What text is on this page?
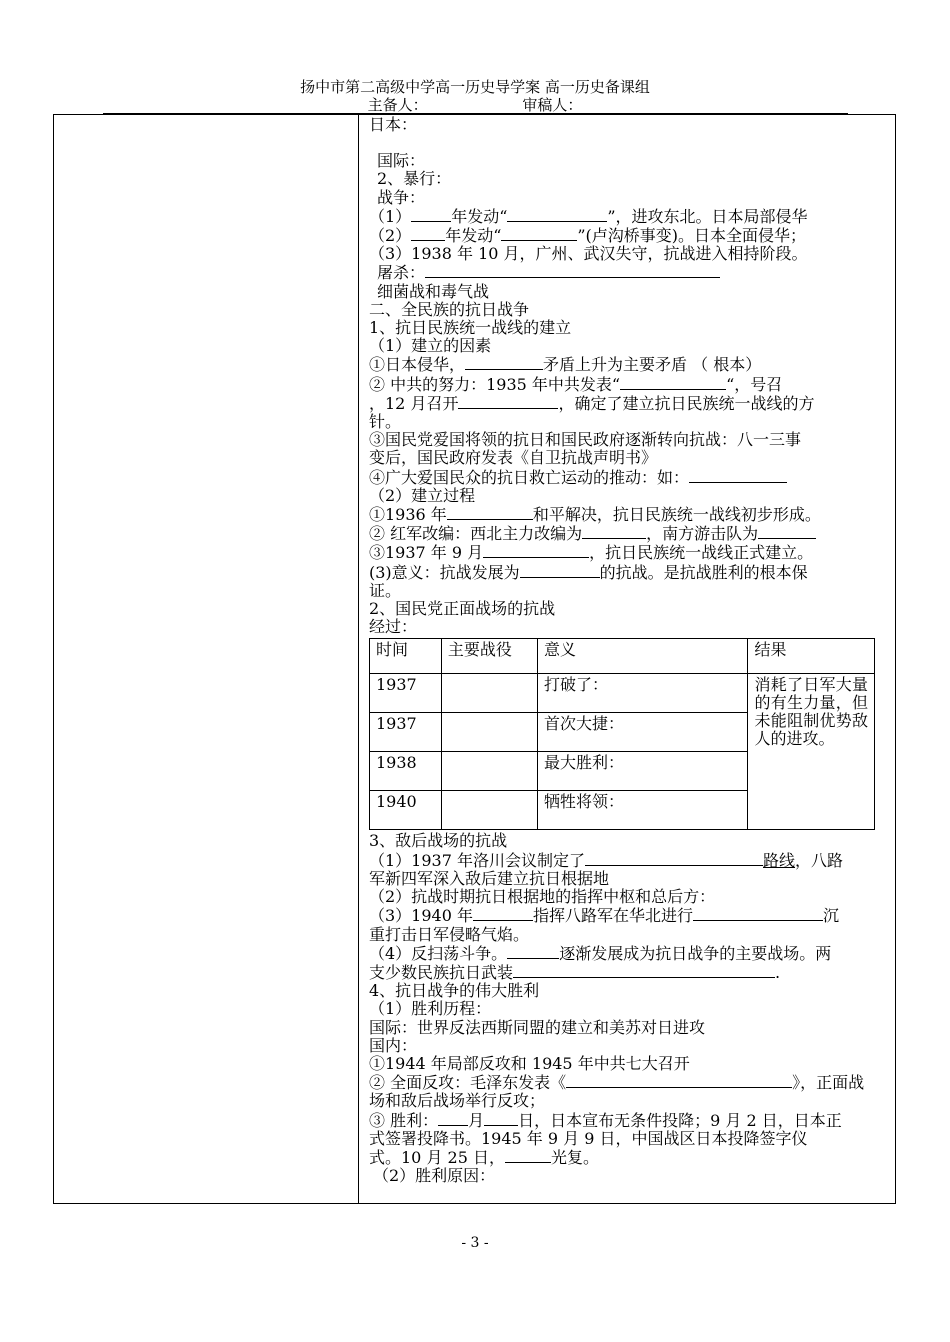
扬中市第二高级中学高一历史导学案 高一历史备课组
主备人：	审稿人：

日本：

国际：

2、暴行：

战争：

（1）	年发动“	”，进攻东北。日本局部侵华

（2） 年发动“	”(卢沟桥事变)。日本全面侵华；

（3）1938 年 10 月，广州、武汉失守，抗战进入相持阶段。

屠杀：

细菌战和毒气战

二、全民族的抗日战争

1、抗日民族统一战线的建立

（1）建立的因素

①日本侵华，	矛盾上升为主要矛盾 （ 根本）

② 中共的努力：1935 年中共发表“	“，号召

，12 月召开	，确定了建立抗日民族统一战线的方

针。

③国民党爱国将领的抗日和国民政府逐渐转向抗战：八一三事

变后，国民政府发表《自卫抗战声明书》

④广大爱国民众的抗日救亡运动的推动：如：

（2）建立过程

①1936 年	和平解决，抗日民族统一战线初步形成。

② 红军改编：西北主力改编为	，南方游击队为

③1937 年 9 月	，抗日民族统一战线正式建立。

(3)意义：抗战发展为	的抗战。是抗战胜利的根本保

证。

2、国民党正面战场的抗战

经过：

时间	主要战役	意义	结果
1937		打破了：	消耗了日军大量的有生力量，但未能阻制优势敌人的进攻。
1937		首次大捷：	
1938		最大胜利：	
1940		牺牲将领：	

3、敌后战场的抗战

（1）1937 年洛川会议制定了	路线，八路

军新四军深入敌后建立抗日根据地

（2）抗战时期抗日根据地的指挥中枢和总后方：

（3）1940 年	指挥八路军在华北进行	沉

重打击日军侵略气焰。

（4）反扫荡斗争。	逐渐发展成为抗日战争的主要战场。两

支少数民族抗日武装	.

4、抗日战争的伟大胜利

（1）胜利历程：

国际：世界反法西斯同盟的建立和美苏对日进攻

国内：

①1944 年局部反攻和 1945 年中共七大召开

② 全面反攻：毛泽东发表《	》，正面战

场和敌后战场举行反攻；

③ 胜利： 月 日，日本宣布无条件投降；9 月 2 日，日本正

式签署投降书。1945 年 9 月 9 日，中国战区日本投降签字仪

式。10 月 25 日，	光复。

（2）胜利原因：

- 3 -
